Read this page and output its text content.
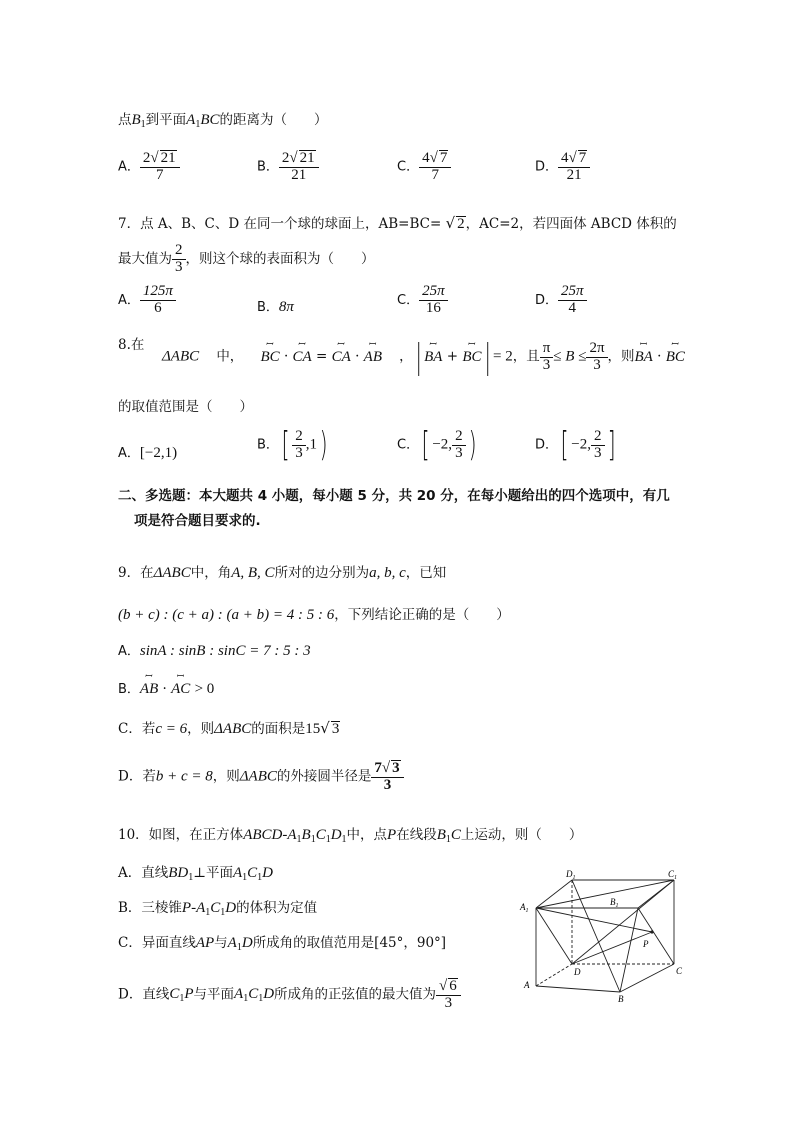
点$B_1$到平面$A_1BC$的距离为（　　）
A． $\frac{2√ 21}{7}$	B． $\frac{2√ 21}{21}$	C． $\frac{4√ 7}{7}$	D． $\frac{4√ 7}{21}$
7．点 A、B、C、D 在同一个球的球面上，AB=BC= √ 2，AC=2，若四面体 ABCD 体积的
最大值为 $\frac{2}{3}$ ，则这个球的表面积为（　　）
A． $\frac{125\pi}{6}$	B．8π	C． $\frac{25\pi}{16}$	D． $\frac{25\pi}{4}$
8.在
ΔABC 中， ꟷ BC · ꟷ CA = ꟷ CA · ꟷ AB    ，| ꟷ BA + ꟷ BC| = 2，且 $\frac{\pi}{3} \le B \le \frac{2\pi}{3}$ ，则ꟷ BA · ꟷ BC
的取值范围是（　　）
A．[−2,1)	B．[ $\frac{2}{3} ,1$)	C．[ −2, $\frac{2}{3}$ )	D．[ −2, $\frac{2}{3}$ ]
二、多选题：本大题共 4 小题，每小题 5 分，共 20 分，在每小题给出的四个选项中，有几
项是符合题目要求的.
9．在ΔABC中，角A, B, C所对的边分别为a, b, c，已知
(b + c) : (c + a) : (a + b) = 4 : 5 : 6，下列结论正确的是（　　）
A．sinA : sinB : sinC = 7 : 5 : 3
B．ꟷ AB · ꟷ AC > 0
C．若c = 6，则ΔABC的面积是15√ 3
D．若b + c = 8，则ΔABC的外接圆半径是 $\frac{7√ 3}{3}$
10．如图，在正方体ABCD-$A_1B_1C_1D_1$中，点P在线段$B_1C$上运动，则（　　）
A．直线$BD_1\perp$平面$A_1C_1D$
B．三棱锥$P-A_1C_1D$的体积为定值
C．异面直线AP与$A_1D$所成角的取值范用是[45°，90°]
D．直线$C_1P$与平面$A_1C_1D$所成角的正弦值的最大值为 $\frac{√ 6}{3}$
$D_1$	$C_1$
$A_1$
$B_1$
P
D	C
A
B
